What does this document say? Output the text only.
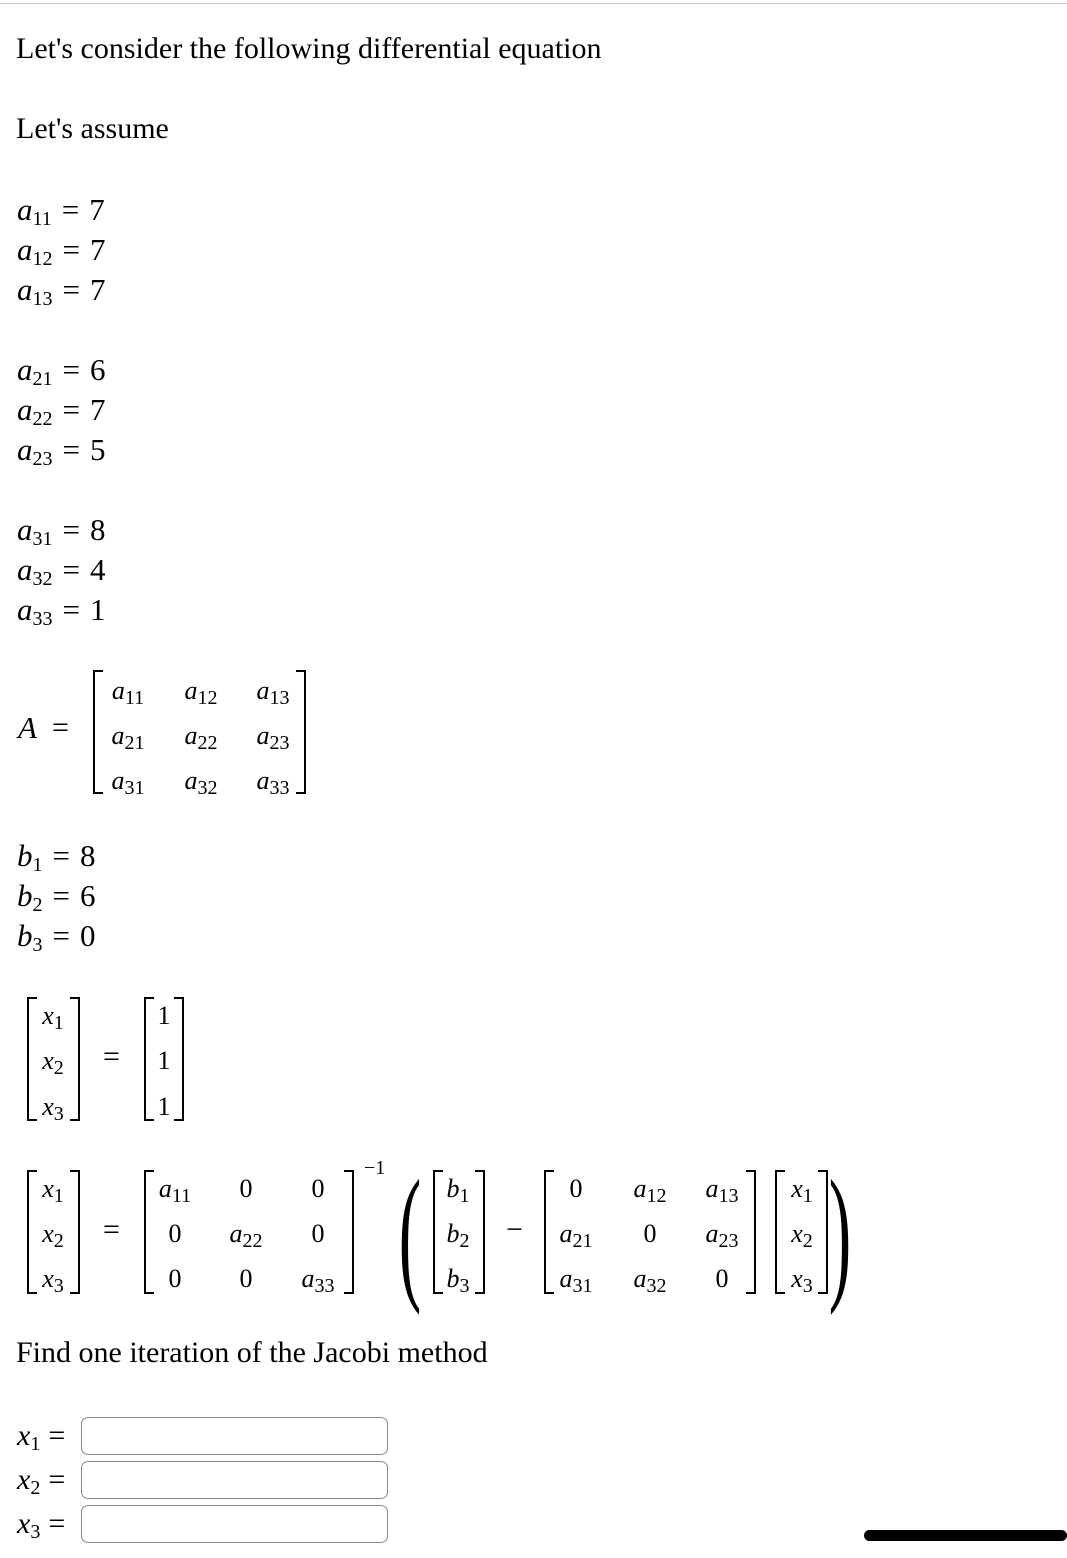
Let's consider the following differential equation
Let's assume
$a_{11} = 7$
$a_{12} = 7$
$a_{13} = 7$
$a_{21} = 6$
$a_{22} = 7$
$a_{23} = 5$
$a_{31} = 8$
$a_{32} = 4$
$a_{33} = 1$
A =
$a_{11}$ $a_{12}$ $a_{13}$
$a_{21}$ $a_{22}$ $a_{23}$
$a_{31}$ $a_{32}$ $a_{33}$
$b_1 = 8$
$b_2 = 6$
$b_3 = 0$
$x_1$
$x_2$
$x_3$
=
1
1
1
$x_1$
$x_2$
$x_3$
=
$a_{11}$	0	0
0	$a_{22}$	0
0	0	$a_{33}$
−1 ( $b_1$
$b_2$
$b_3$
−
0	$a_{12}$ $a_{13}$
$a_{21}$	0	$a_{23}$
$a_{31}$ $a_{32}$	0
$x_1$
$x_2$
$x_3$ )
Find one iteration of the Jacobi method
$x_1$ =
$x_2$ =
$x_3$ =
